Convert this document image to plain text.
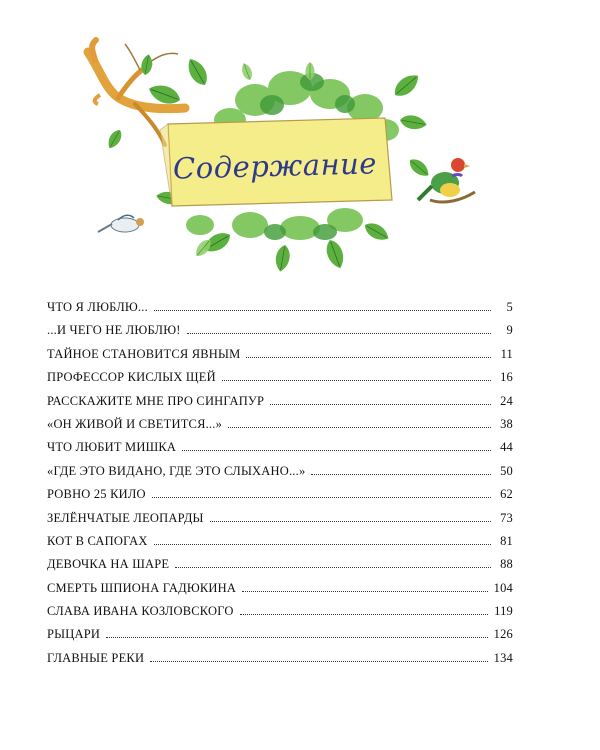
Содержание
ЧТО Я ЛЮБЛЮ...	5
...И ЧЕГО НЕ ЛЮБЛЮ!	9
ТАЙНОЕ СТАНОВИТСЯ ЯВНЫМ	11
ПРОФЕССОР КИСЛЫХ ЩЕЙ	16
РАССКАЖИТЕ МНЕ ПРО СИНГАПУР	24
«ОН ЖИВОЙ И СВЕТИТСЯ...»	38
ЧТО ЛЮБИТ МИШКА	44
«ГДЕ ЭТО ВИДАНО, ГДЕ ЭТО СЛЫХАНО...»	50
РОВНО 25 КИЛО	62
ЗЕЛЁНЧАТЫЕ ЛЕОПАРДЫ	73
КОТ В САПОГАХ	81
ДЕВОЧКА НА ШАРЕ	88
СМЕРТЬ ШПИОНА ГАДЮКИНА	104
СЛАВА ИВАНА КОЗЛОВСКОГО	119
РЫЦАРИ	126
ГЛАВНЫЕ РЕКИ	134
